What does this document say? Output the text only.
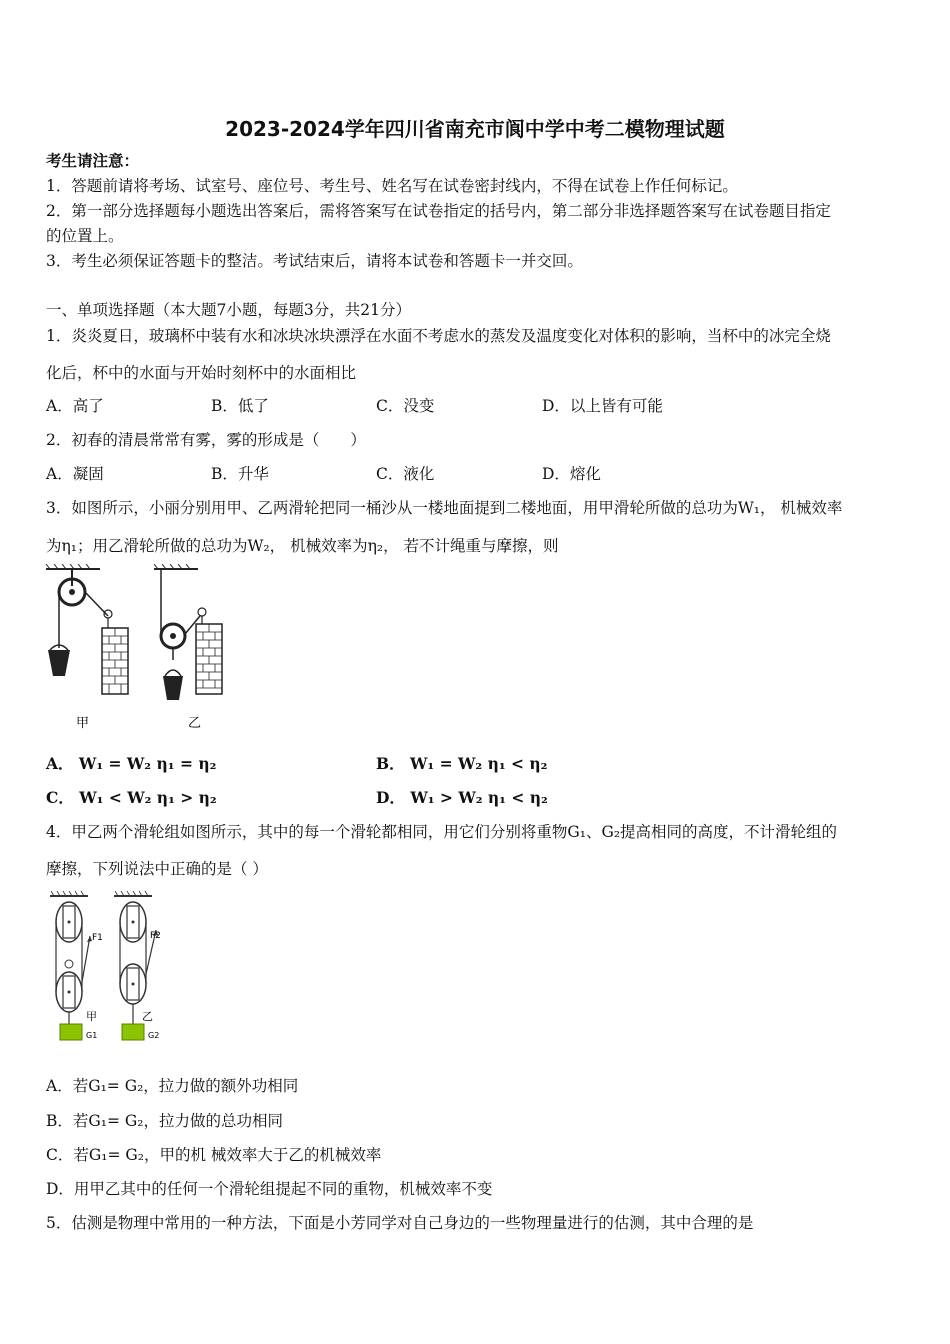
2023-2024学年四川省南充市阆中学中考二模物理试题
考生请注意：
1．答题前请将考场、试室号、座位号、考生号、姓名写在试卷密封线内，不得在试卷上作任何标记。
2．第一部分选择题每小题选出答案后，需将答案写在试卷指定的括号内，第二部分非选择题答案写在试卷题目指定
的位置上。
3．考生必须保证答题卡的整洁。考试结束后，请将本试卷和答题卡一并交回。
一、单项选择题（本大题7小题，每题3分，共21分）
1．炎炎夏日，玻璃杯中装有水和冰块冰块漂浮在水面不考虑水的蒸发及温度变化对体积的影响，当杯中的冰完全烧
化后，杯中的水面与开始时刻杯中的水面相比
A．高了	B．低了	C．没变	D．以上皆有可能
2．初春的清晨常常有雾，雾的形成是（　　）
A．凝固	B．升华	C．液化	D．熔化
3．如图所示，小丽分别用甲、乙两滑轮把同一桶沙从一楼地面提到二楼地面，用甲滑轮所做的总功为W₁， 机械效率
为η₁；用乙滑轮所做的总功为W₂， 机械效率为η₂， 若不计绳重与摩擦，则
甲	乙
A． W₁ = W₂ η₁ = η₂	B． W₁ = W₂ η₁ < η₂
C． W₁ < W₂ η₁ > η₂	D． W₁ > W₂ η₁ < η₂
4．甲乙两个滑轮组如图所示，其中的每一个滑轮都相同，用它们分别将重物G₁、G₂提高相同的高度，不计滑轮组的
摩擦，下列说法中正确的是（ ）
F1
甲
G1
F2
乙
G2
A．若G₁= G₂，拉力做的额外功相同
B．若G₁= G₂，拉力做的总功相同
C．若G₁= G₂，甲的机 械效率大于乙的机械效率
D．用甲乙其中的任何一个滑轮组提起不同的重物，机械效率不变
5．估测是物理中常用的一种方法，下面是小芳同学对自己身边的一些物理量进行的估测，其中合理的是
